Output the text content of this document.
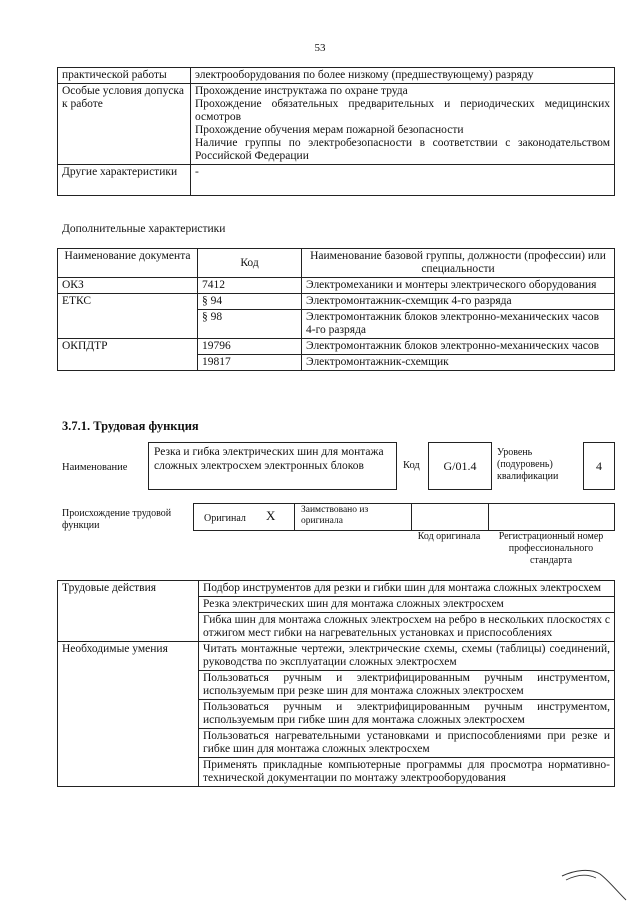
53
практической работы	электрооборудования по более низкому (предшествующему) разряду
Особые условия допуска к работе	Прохождение инструктажа по охране труда
Прохождение обязательных предварительных и периодических медицинских осмотров
Прохождение обучения мерам пожарной безопасности
Наличие группы по электробезопасности в соответствии с законодательством Российской Федерации

Другие характеристики	-
Дополнительные характеристики
Наименование документа	Код	Наименование базовой группы, должности (профессии) или специальности
ОКЗ	7412	Электромеханики и монтеры электрического оборудования
ЕТКС	§ 94	Электромонтажник-схемщик 4-го разряда
	§ 98	Электромонтажник блоков электронно-механических часов 4-го разряда
ОКПДТР	19796	Электромонтажник блоков электронно-механических часов
	19817	Электромонтажник-схемщик
3.7.1. Трудовая функция
Наименование
Резка и гибка электрических шин для монтажа сложных электросхем электронных блоков	Код	G/01.4
Уровень (подуровень) квалификации
4
Происхождение трудовой функции
Оригинал X	Заимствовано из оригинала
Код оригинала	Регистрационный номер профессионального стандарта
Трудовые действия	Подбор инструментов для резки и гибки шин для монтажа сложных электросхем
	Резка электрических шин для монтажа сложных электросхем
	Гибка шин для монтажа сложных электросхем на ребро в нескольких плоскостях с отжигом мест гибки на нагревательных установках и приспособлениях
Необходимые умения	Читать монтажные чертежи, электрические схемы, схемы (таблицы) соединений, руководства по эксплуатации сложных электросхем
	Пользоваться ручным и электрифицированным ручным инструментом, используемым при резке шин для монтажа сложных электросхем
	Пользоваться ручным и электрифицированным ручным инструментом, используемым при гибке шин для монтажа сложных электросхем
	Пользоваться нагревательными установками и приспособлениями при резке и гибке шин для монтажа сложных электросхем
	Применять прикладные компьютерные программы для просмотра нормативно-технической документации по монтажу электрооборудования
